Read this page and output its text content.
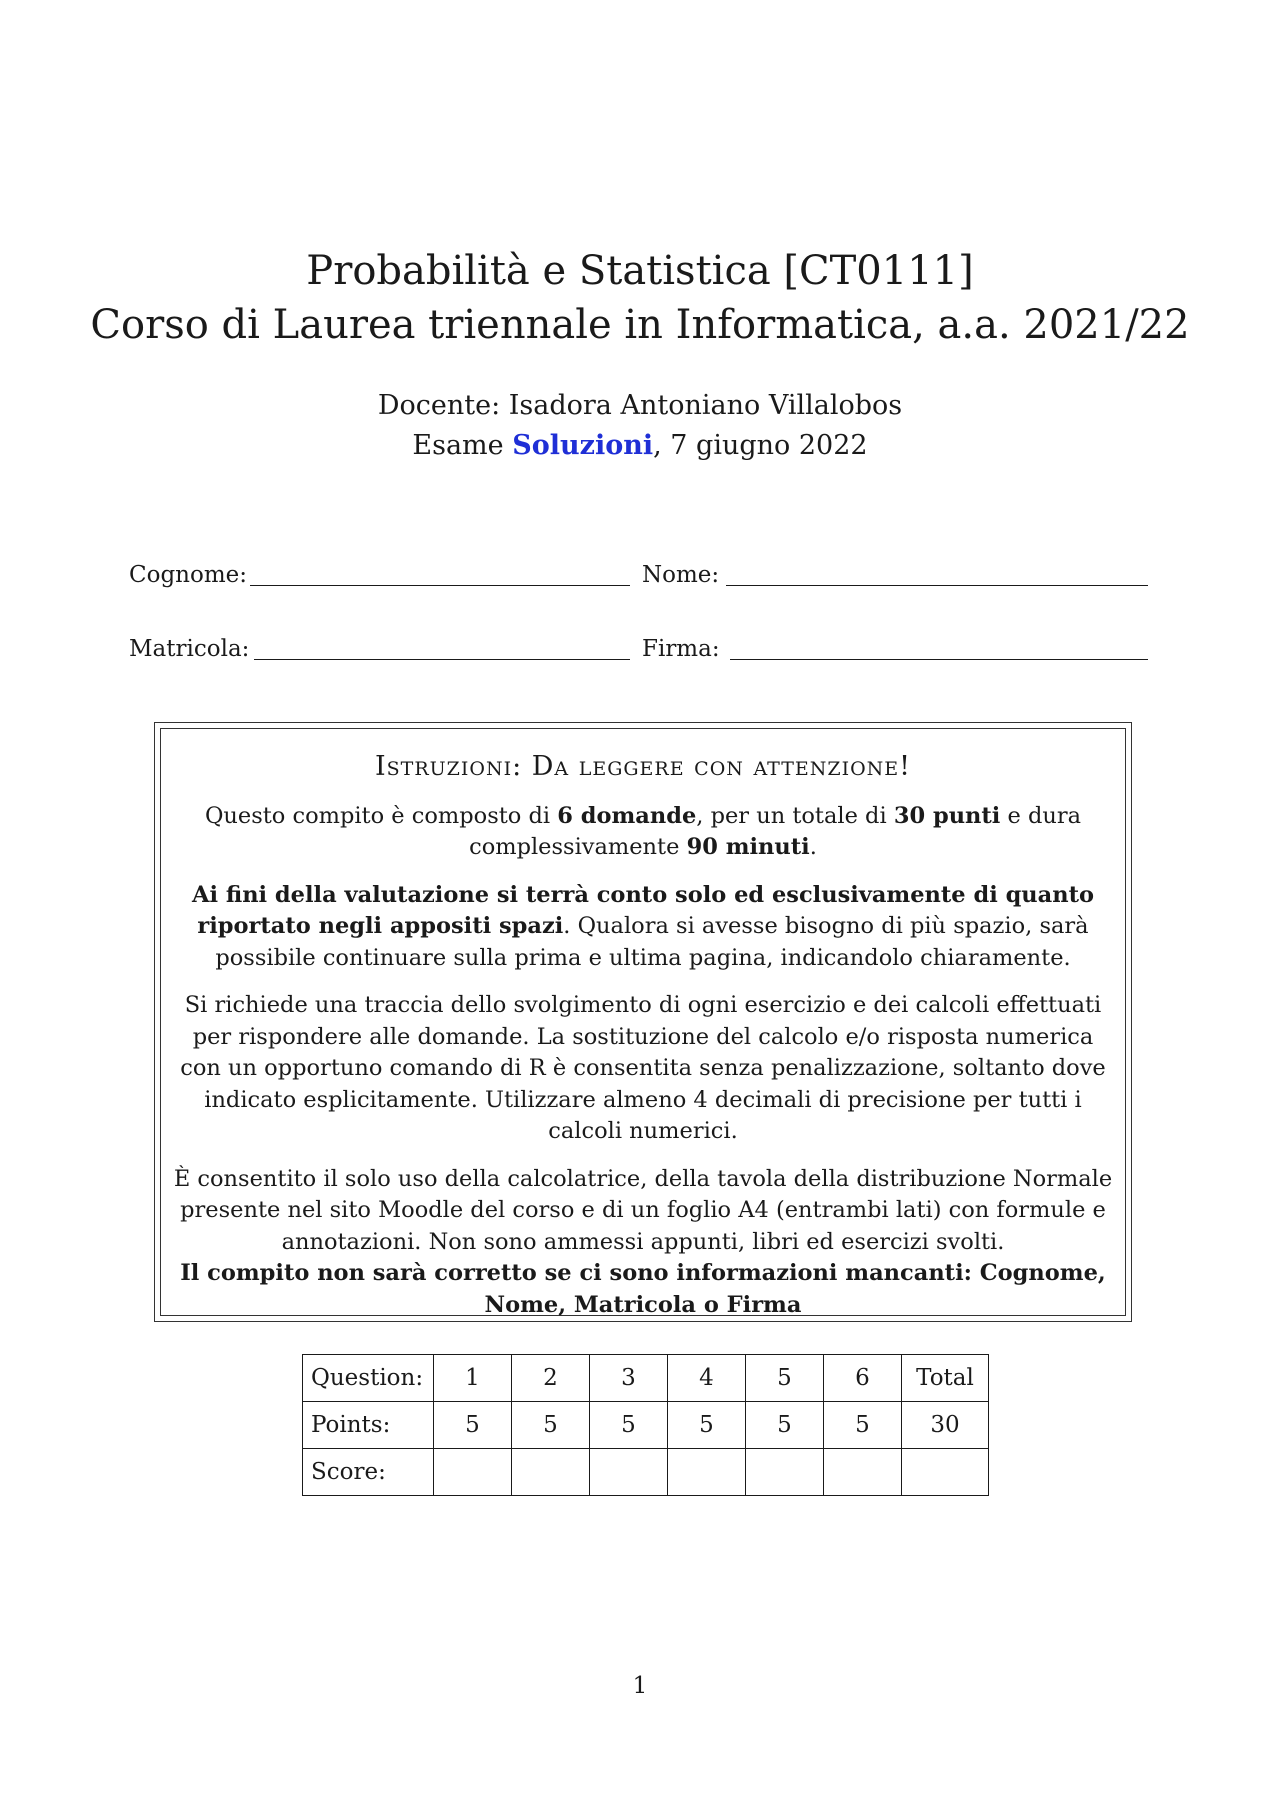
Probabilità e Statistica [CT0111]
Corso di Laurea triennale in Informatica, a.a. 2021/22
Docente: Isadora Antoniano Villalobos
Esame Soluzioni, 7 giugno 2022
Cognome:	Nome:
Matricola:	Firma:

Istruzioni: Da leggere con attenzione!

Questo compito è composto di 6 domande, per un totale di 30 punti e dura complessivamente 90 minuti.

Ai fini della valutazione si terrà conto solo ed esclusivamente di quanto riportato negli appositi spazi. Qualora si avesse bisogno di più spazio, sarà possibile continuare sulla prima e ultima pagina, indicandolo chiaramente.

Si richiede una traccia dello svolgimento di ogni esercizio e dei calcoli effettuati per rispondere alle domande. La sostituzione del calcolo e/o risposta numerica con un opportuno comando di R è consentita senza penalizzazione, soltanto dove indicato esplicitamente. Utilizzare almeno 4 decimali di precisione per tutti i calcoli numerici.

È consentito il solo uso della calcolatrice, della tavola della distribuzione Normale presente nel sito Moodle del corso e di un foglio A4 (entrambi lati) con formule e annotazioni. Non sono ammessi appunti, libri ed esercizi svolti.

Il compito non sarà corretto se ci sono informazioni mancanti: Cognome, Nome, Matricola o Firma

Question:	1	2	3	4	5	6	Total
Points:	5	5	5	5	5	5	30
Score:							
1
